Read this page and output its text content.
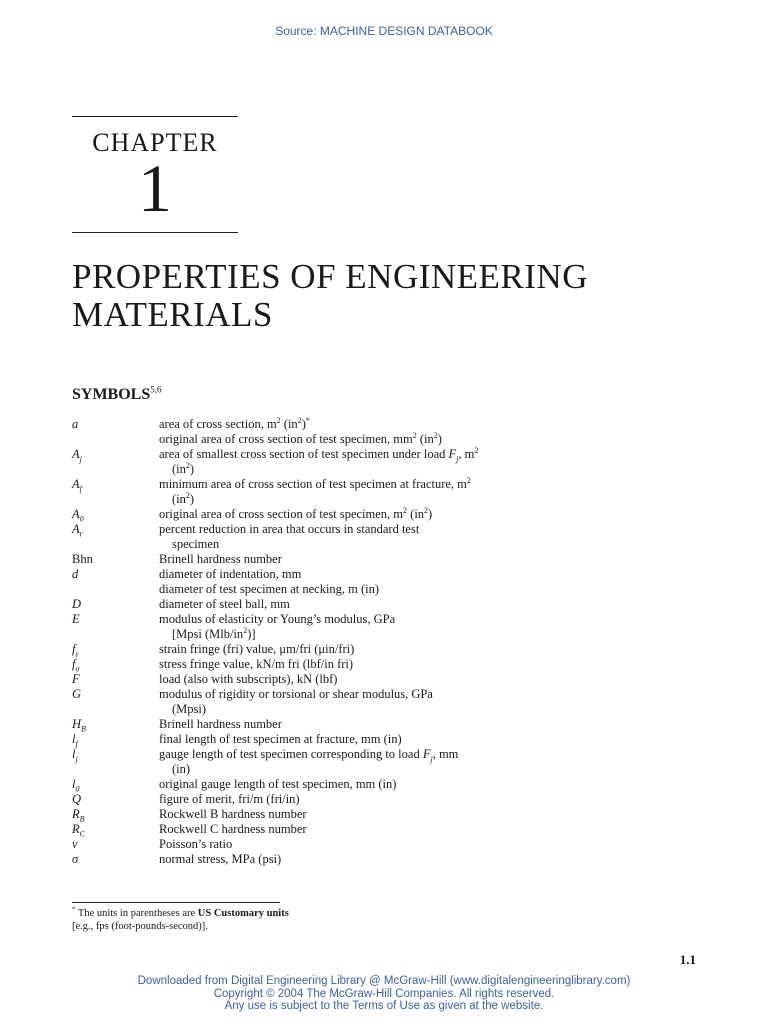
Source: MACHINE DESIGN DATABOOK
CHAPTER
1
PROPERTIES OF ENGINEERING
MATERIALS
SYMBOLS$^{5,6}$
a	area of cross section, $m^2$ $(in^2)^*$
original area of cross section of test specimen, $mm^2$ $(in^2)$
$A_j$	area of smallest cross section of test specimen under load $F_j$, $m^2$
$(in^2)$
$A_f$	minimum area of cross section of test specimen at fracture, $m^2$
$(in^2)$
$A_0$	original area of cross section of test specimen, $m^2$ $(in^2)$
$A_r$	percent reduction in area that occurs in standard test
specimen
Bhn	Brinell hardness number
d	diameter of indentation, mm
diameter of test specimen at necking, m (in)
D	diameter of steel ball, mm
E	modulus of elasticity or Young’s modulus, GPa
[Mpsi $(Mlb/in^2)$]
$f_\varepsilon$	strain fringe (fri) value, μm/fri (μin/fri)
$f_\sigma$	stress fringe value, kN/m fri (lbf/in fri)
F	load (also with subscripts), kN (lbf)
G	modulus of rigidity or torsional or shear modulus, GPa
(Mpsi)
$H_B$	Brinell hardness number
$l_f$	final length of test specimen at fracture, mm (in)
$l_j$	gauge length of test specimen corresponding to load $F_j$, mm
(in)
$l_0$	original gauge length of test specimen, mm (in)
Q	figure of merit, fri/m (fri/in)
$R_B$	Rockwell B hardness number
$R_C$	Rockwell C hardness number
ν	Poisson’s ratio
σ	normal stress, MPa (psi)
* The units in parentheses are US Customary units
[e.g., fps (foot-pounds-second)].
1.1
Downloaded from Digital Engineering Library @ McGraw-Hill (www.digitalengineeringlibrary.com)
Copyright © 2004 The McGraw-Hill Companies. All rights reserved.
Any use is subject to the Terms of Use as given at the website.
